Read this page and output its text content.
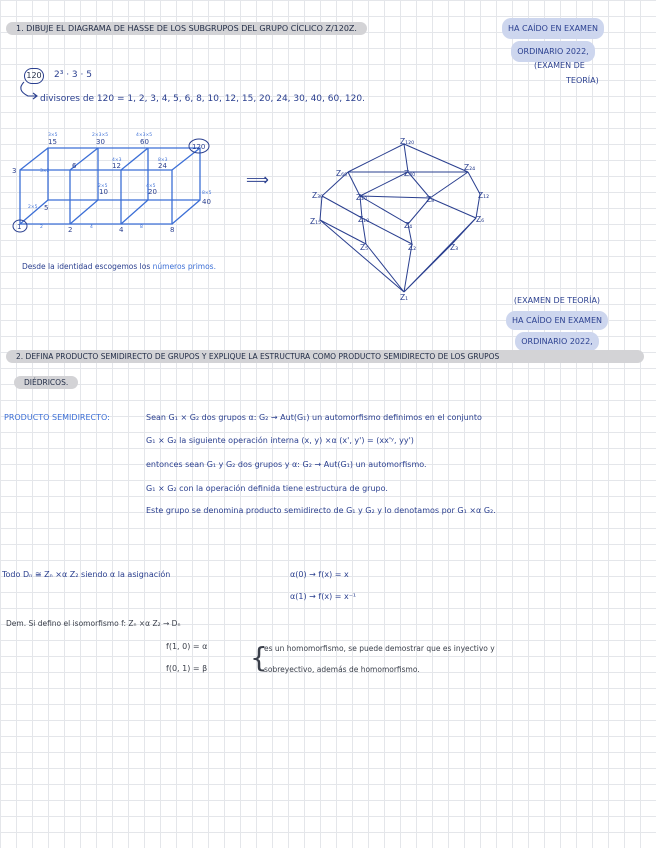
1. DIBUJE EL DIAGRAMA DE HASSE DE LOS SUBGRUPOS DEL GRUPO CÍCLICO Z/120Z.	HA CAÍDO EN EXAMEN
ORDINARIO 2022,
(EXAMEN DE
TEORÍA)
120 2³ · 3 · 5
divisores de 120 = 1, 2, 3, 4, 5, 6, 8, 10, 12, 15, 20, 24, 30, 40, 60, 120.
15	30	60
120
3
6	12	24
5
10	20
40
1	2	4	8
3×5	2×3×5	4×3×5
3×2
4×3	8×3
2×5	4×5
8×5
2	4	8
2×5
⟹
Z₁₂₀
Z₆₀	Z₄₀
Z₂₄
Z₃₀	Z₂₀	Z₈	Z₁₂
Z₁₅	Z₁₀
Z₄
Z₆
Z₅	Z₂	Z₃
Z₁
Desde la identidad escogemos los números primos.
(EXAMEN DE TEORÍA)
HA CAÍDO EN EXAMEN
ORDINARIO 2022,
2. DEFINA PRODUCTO SEMIDIRECTO DE GRUPOS Y EXPLIQUE LA ESTRUCTURA COMO PRODUCTO SEMIDIRECTO DE LOS GRUPOS
DIÉDRICOS.
PRODUCTO SEMIDIRECTO:	Sean G₁ × G₂ dos grupos α: G₂ → Aut(G₁) un automorfismo definimos en el conjunto
G₁ × G₂ la siguiente operación interna (x, y) ×α (x', y') = (xx'ʸ, yy')
entonces sean G₁ y G₂ dos grupos y α: G₂ → Aut(G₁) un automorfismo.
G₁ × G₂ con la operación definida tiene estructura de grupo.
Este grupo se denomina producto semidirecto de G₁ y G₂ y lo denotamos por G₁ ×α G₂.
Todo Dₙ ≅ Zₙ ×α Z₂ siendo α la asignación	α(0) → f(x) = x
α(1) → f(x) = x⁻¹
Dem. Si defino el isomorfismo f: Zₙ ×α Z₂ → Dₙ
f(1, 0) = α
f(0, 1) = β {
es un homomorfismo, se puede demostrar que es inyectivo y
sobreyectivo, además de homomorfismo.
